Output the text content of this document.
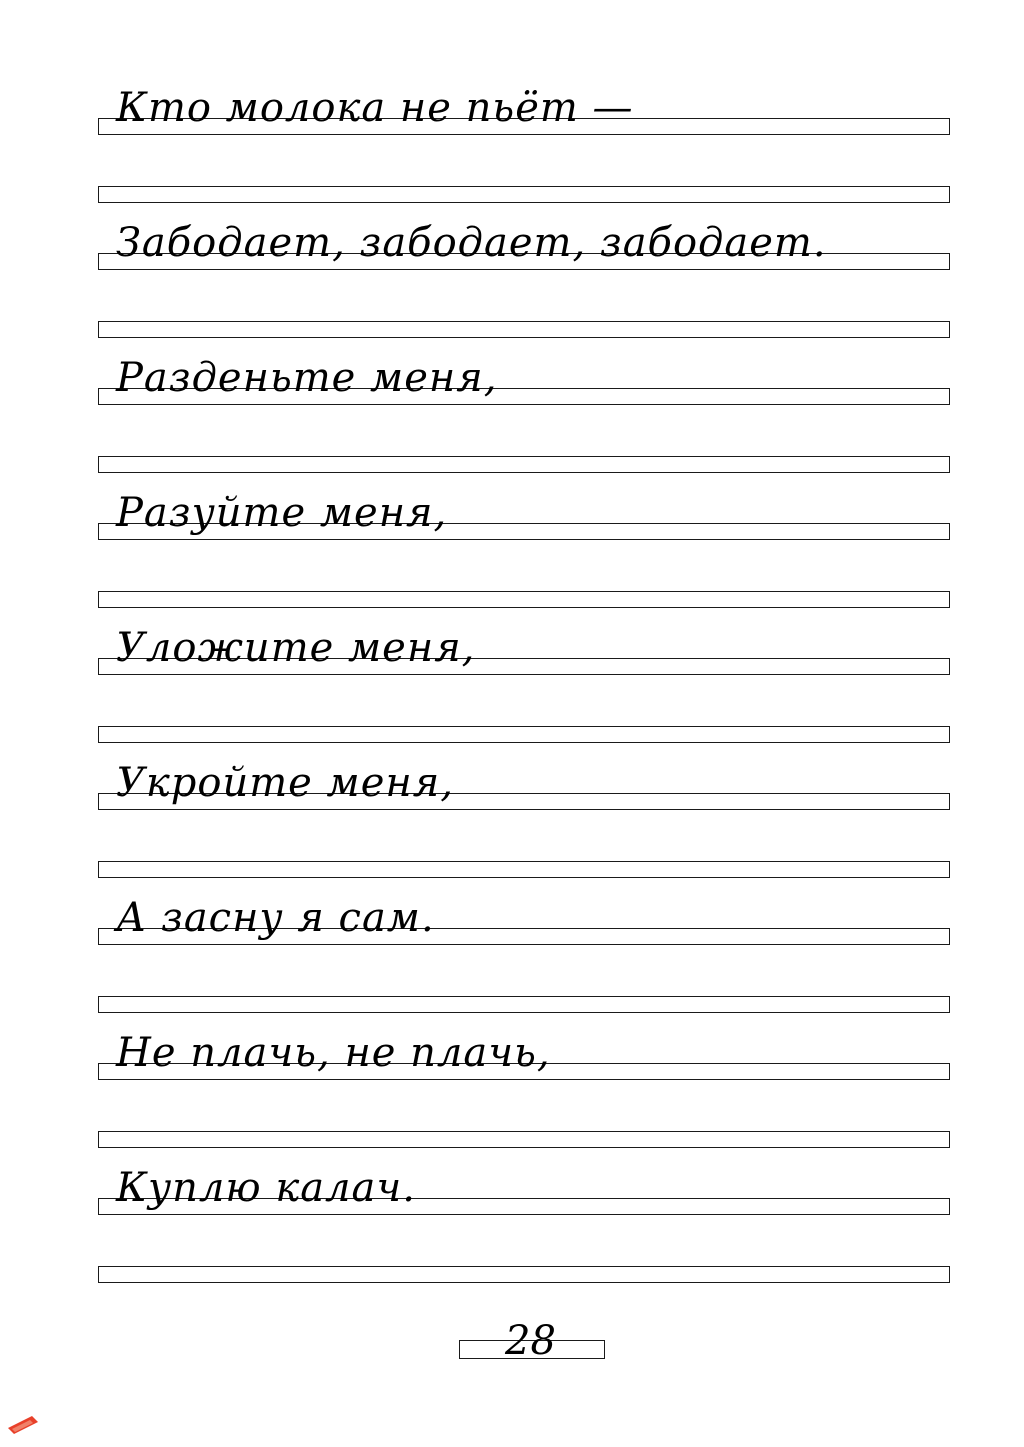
Кто молока не пьёт —
Забодает, забодает, забодает.
Разденьте меня,
Разуйте меня,
Уложите меня,
Укройте меня,
А засну я сам.
Не плачь, не плачь,
Куплю калач.
28
